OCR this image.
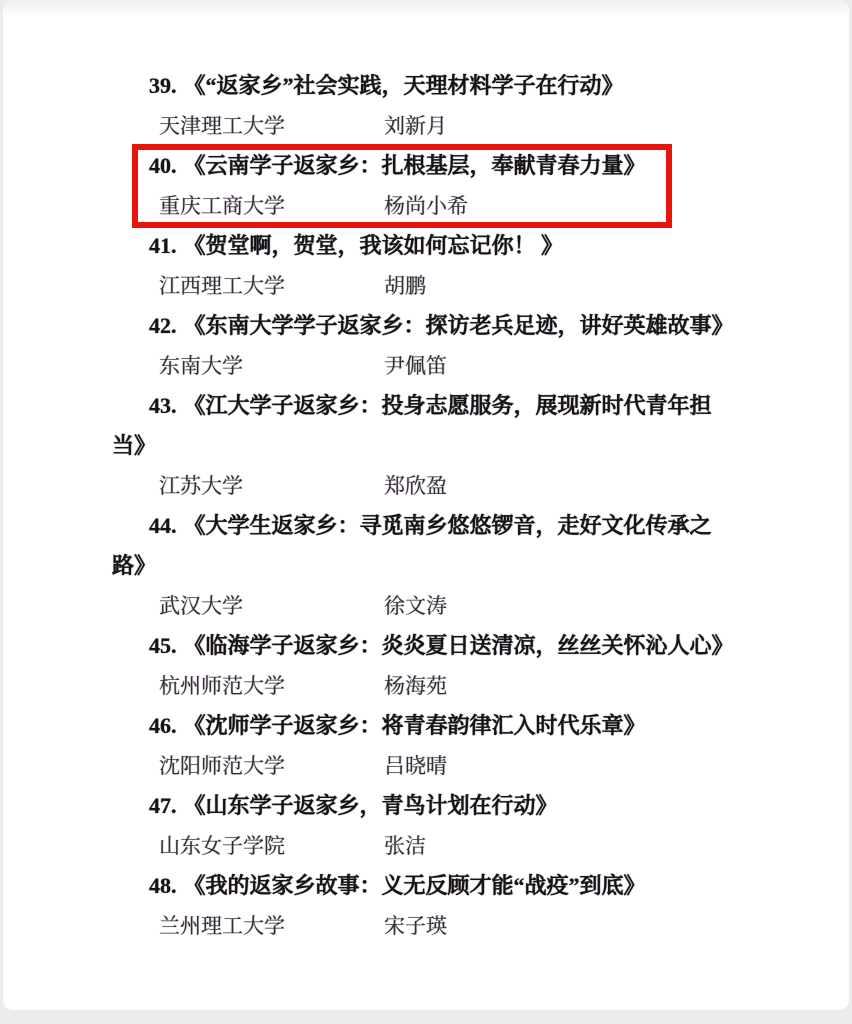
39. 《“返家乡”社会实践，天理材料学子在行动》
天津理工大学	刘新月
40. 《云南学子返家乡：扎根基层，奉献青春力量》
重庆工商大学	杨尚小希
41. 《贺堂啊，贺堂，我该如何忘记你！ 》
江西理工大学	胡鹏
42. 《东南大学学子返家乡：探访老兵足迹，讲好英雄故事》
东南大学	尹佩笛
43. 《江大学子返家乡：投身志愿服务，展现新时代青年担
当》
江苏大学	郑欣盈
44. 《大学生返家乡：寻觅南乡悠悠锣音，走好文化传承之
路》
武汉大学	徐文涛
45. 《临海学子返家乡：炎炎夏日送清凉，丝丝关怀沁人心》
杭州师范大学	杨海苑
46. 《沈师学子返家乡：将青春韵律汇入时代乐章》
沈阳师范大学	吕晓晴
47. 《山东学子返家乡，青鸟计划在行动》
山东女子学院	张洁
48. 《我的返家乡故事：义无反顾才能“战疫”到底》
兰州理工大学	宋子瑛
